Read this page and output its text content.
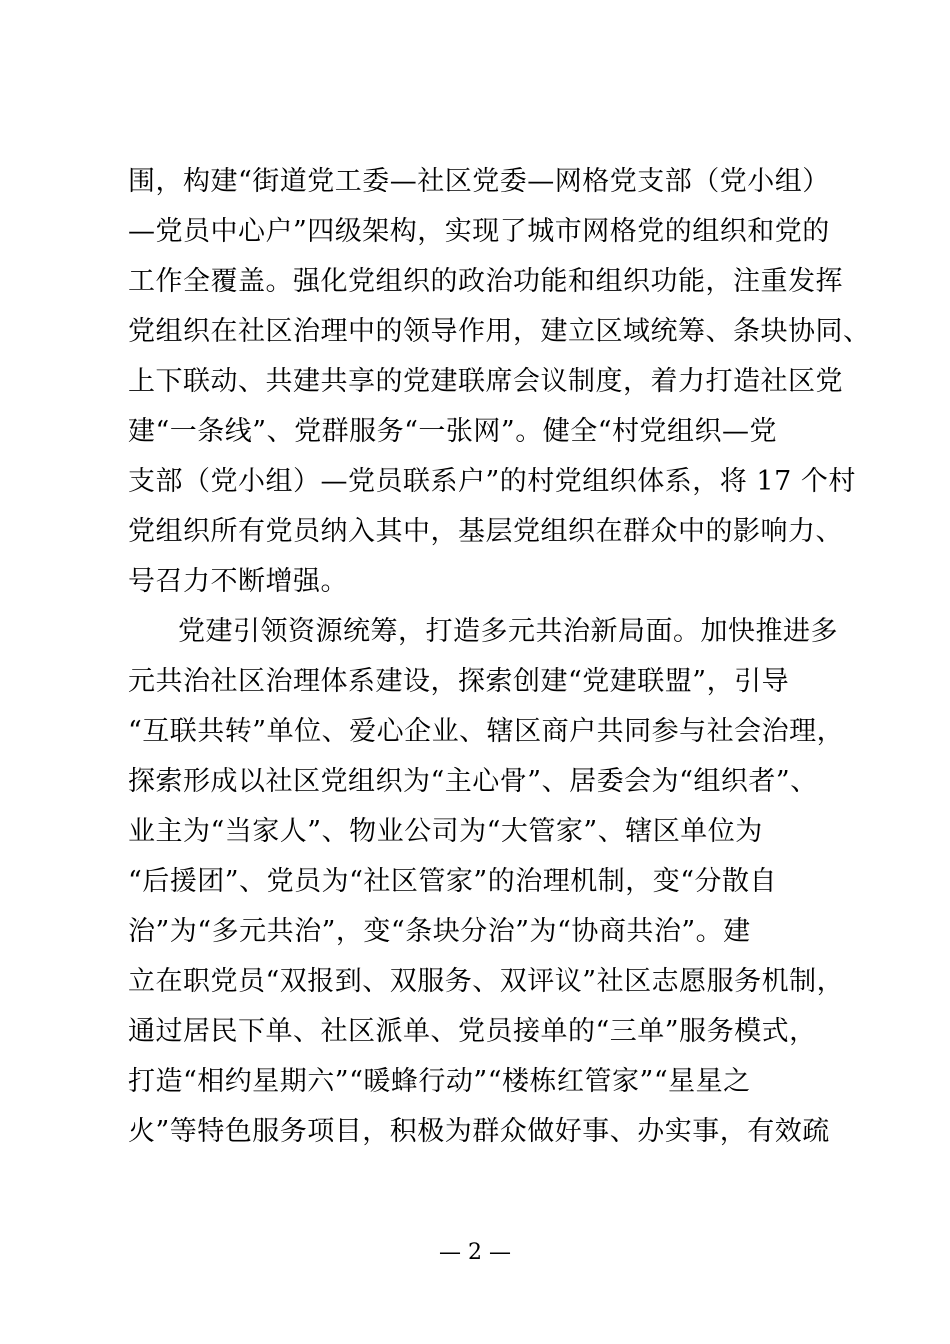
围，构建“街道党工委—社区党委—网格党支部（党小组）
—党员中心户”四级架构，实现了城市网格党的组织和党的
工作全覆盖。强化党组织的政治功能和组织功能，注重发挥
党组织在社区治理中的领导作用，建立区域统筹、条块协同、
上下联动、共建共享的党建联席会议制度，着力打造社区党
建“一条线”、党群服务“一张网”。健全“村党组织—党
支部（党小组）—党员联系户”的村党组织体系，将 17 个村
党组织所有党员纳入其中，基层党组织在群众中的影响力、
号召力不断增强。
党建引领资源统筹，打造多元共治新局面。加快推进多
元共治社区治理体系建设，探索创建“党建联盟”，引导
“互联共转”单位、爱心企业、辖区商户共同参与社会治理，
探索形成以社区党组织为“主心骨”、居委会为“组织者”、
业主为“当家人”、物业公司为“大管家”、辖区单位为
“后援团”、党员为“社区管家”的治理机制，变“分散自
治”为“多元共治”，变“条块分治”为“协商共治”。建
立在职党员“双报到、双服务、双评议”社区志愿服务机制，
通过居民下单、社区派单、党员接单的“三单”服务模式，
打造“相约星期六”“暖蜂行动”“楼栋红管家”“星星之
火”等特色服务项目，积极为群众做好事、办实事，有效疏
— 2 —
